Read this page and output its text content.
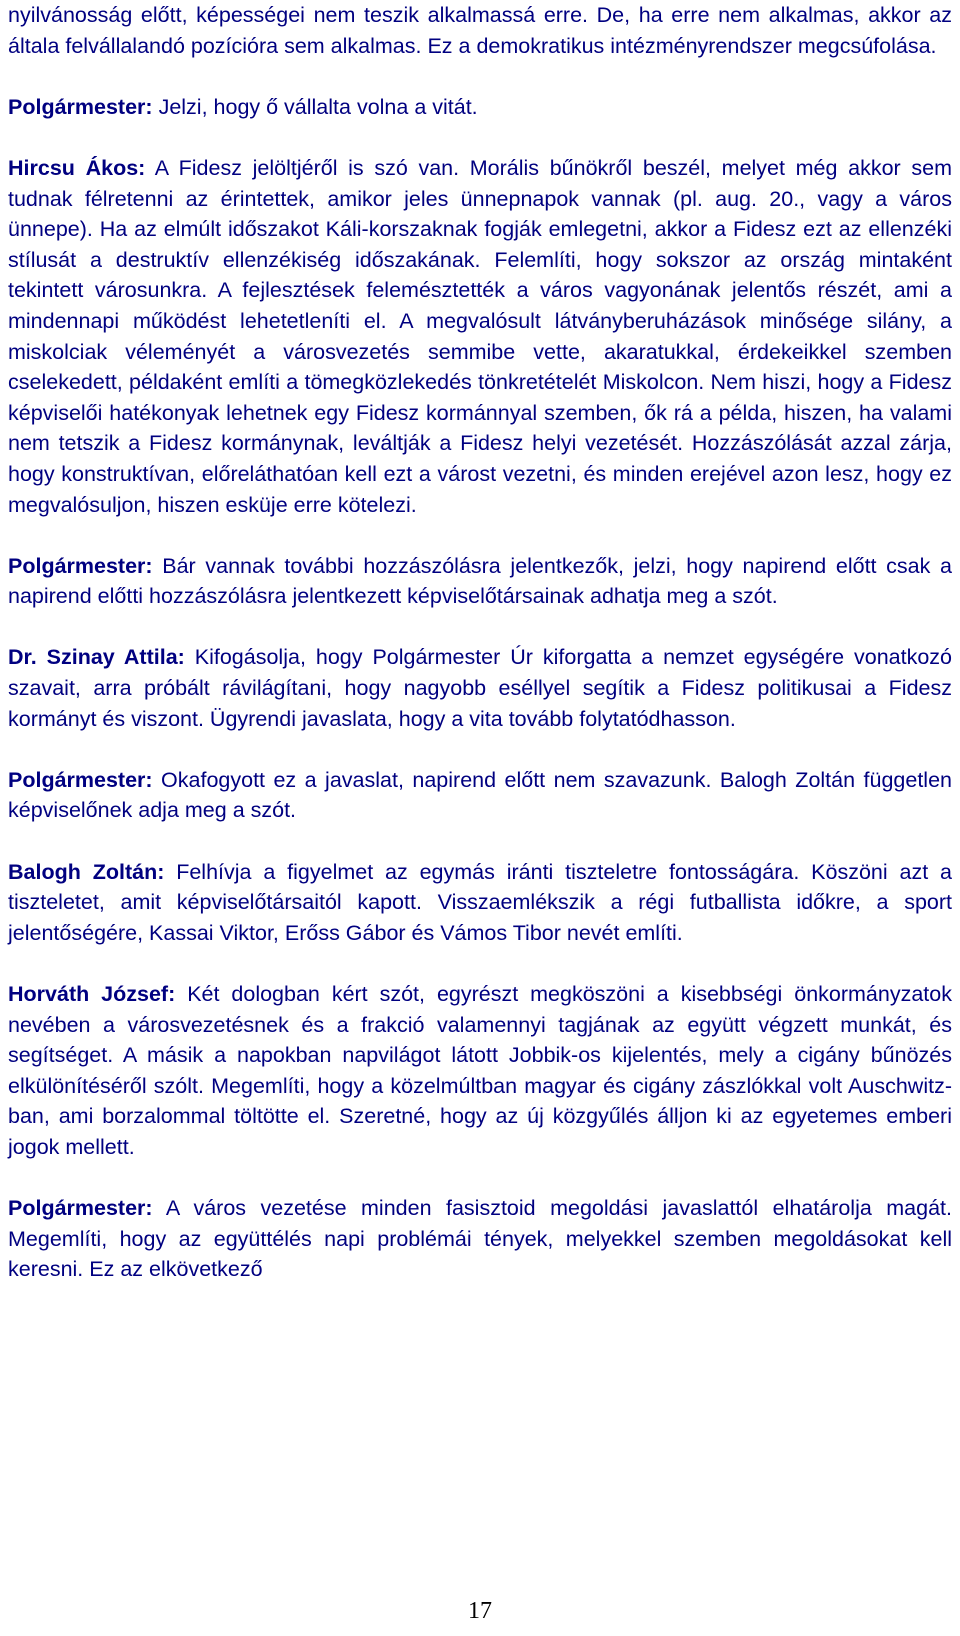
nyilvánosság előtt, képességei nem teszik alkalmassá erre. De, ha erre nem alkalmas, akkor az általa felvállalandó pozícióra sem alkalmas. Ez a demokratikus intézményrendszer megcsúfolása.

Polgármester: Jelzi, hogy ő vállalta volna a vitát.

Hircsu Ákos: A Fidesz jelöltjéről is szó van. Morális bűnökről beszél, melyet még akkor sem tudnak félretenni az érintettek, amikor jeles ünnepnapok vannak (pl. aug. 20., vagy a város ünnepe). Ha az elmúlt időszakot Káli-korszaknak fogják emlegetni, akkor a Fidesz ezt az ellenzéki stílusát a destruktív ellenzékiség időszakának. Felemlíti, hogy sokszor az ország mintaként tekintett városunkra. A fejlesztések felemésztették a város vagyonának jelentős részét, ami a mindennapi működést lehetetleníti el. A megvalósult látványberuházások minősége silány, a miskolciak véleményét a városvezetés semmibe vette, akaratukkal, érdekeikkel szemben cselekedett, példaként említi a tömegközlekedés tönkretételét Miskolcon. Nem hiszi, hogy a Fidesz képviselői hatékonyak lehetnek egy Fidesz kormánnyal szemben, ők rá a példa, hiszen, ha valami nem tetszik a Fidesz kormánynak, leváltják a Fidesz helyi vezetését. Hozzászólását azzal zárja, hogy konstruktívan, előreláthatóan kell ezt a várost vezetni, és minden erejével azon lesz, hogy ez megvalósuljon, hiszen esküje erre kötelezi.

Polgármester: Bár vannak további hozzászólásra jelentkezők, jelzi, hogy napirend előtt csak a napirend előtti hozzászólásra jelentkezett képviselőtársainak adhatja meg a szót.

Dr. Szinay Attila: Kifogásolja, hogy Polgármester Úr kiforgatta a nemzet egységére vonatkozó szavait, arra próbált rávilágítani, hogy nagyobb eséllyel segítik a Fidesz politikusai a Fidesz kormányt és viszont. Ügyrendi javaslata, hogy a vita tovább folytatódhasson.

Polgármester: Okafogyott ez a javaslat, napirend előtt nem szavazunk. Balogh Zoltán független képviselőnek adja meg a szót.

Balogh Zoltán: Felhívja a figyelmet az egymás iránti tiszteletre fontosságára. Köszöni azt a tiszteletet, amit képviselőtársaitól kapott. Visszaemlékszik a régi futballista időkre, a sport jelentőségére, Kassai Viktor, Erőss Gábor és Vámos Tibor nevét említi.

Horváth József: Két dologban kért szót, egyrészt megköszöni a kisebbségi önkormányzatok nevében a városvezetésnek és a frakció valamennyi tagjának az együtt végzett munkát, és segítséget. A másik a napokban napvilágot látott Jobbik-os kijelentés, mely a cigány bűnözés elkülönítéséről szólt. Megemlíti, hogy a közelmúltban magyar és cigány zászlókkal volt Auschwitz-ban, ami borzalommal töltötte el. Szeretné, hogy az új közgyűlés álljon ki az egyetemes emberi jogok mellett.

Polgármester: A város vezetése minden fasisztoid megoldási javaslattól elhatárolja magát. Megemlíti, hogy az együttélés napi problémái tények, melyekkel szemben megoldásokat kell keresni. Ez az elkövetkező

17
